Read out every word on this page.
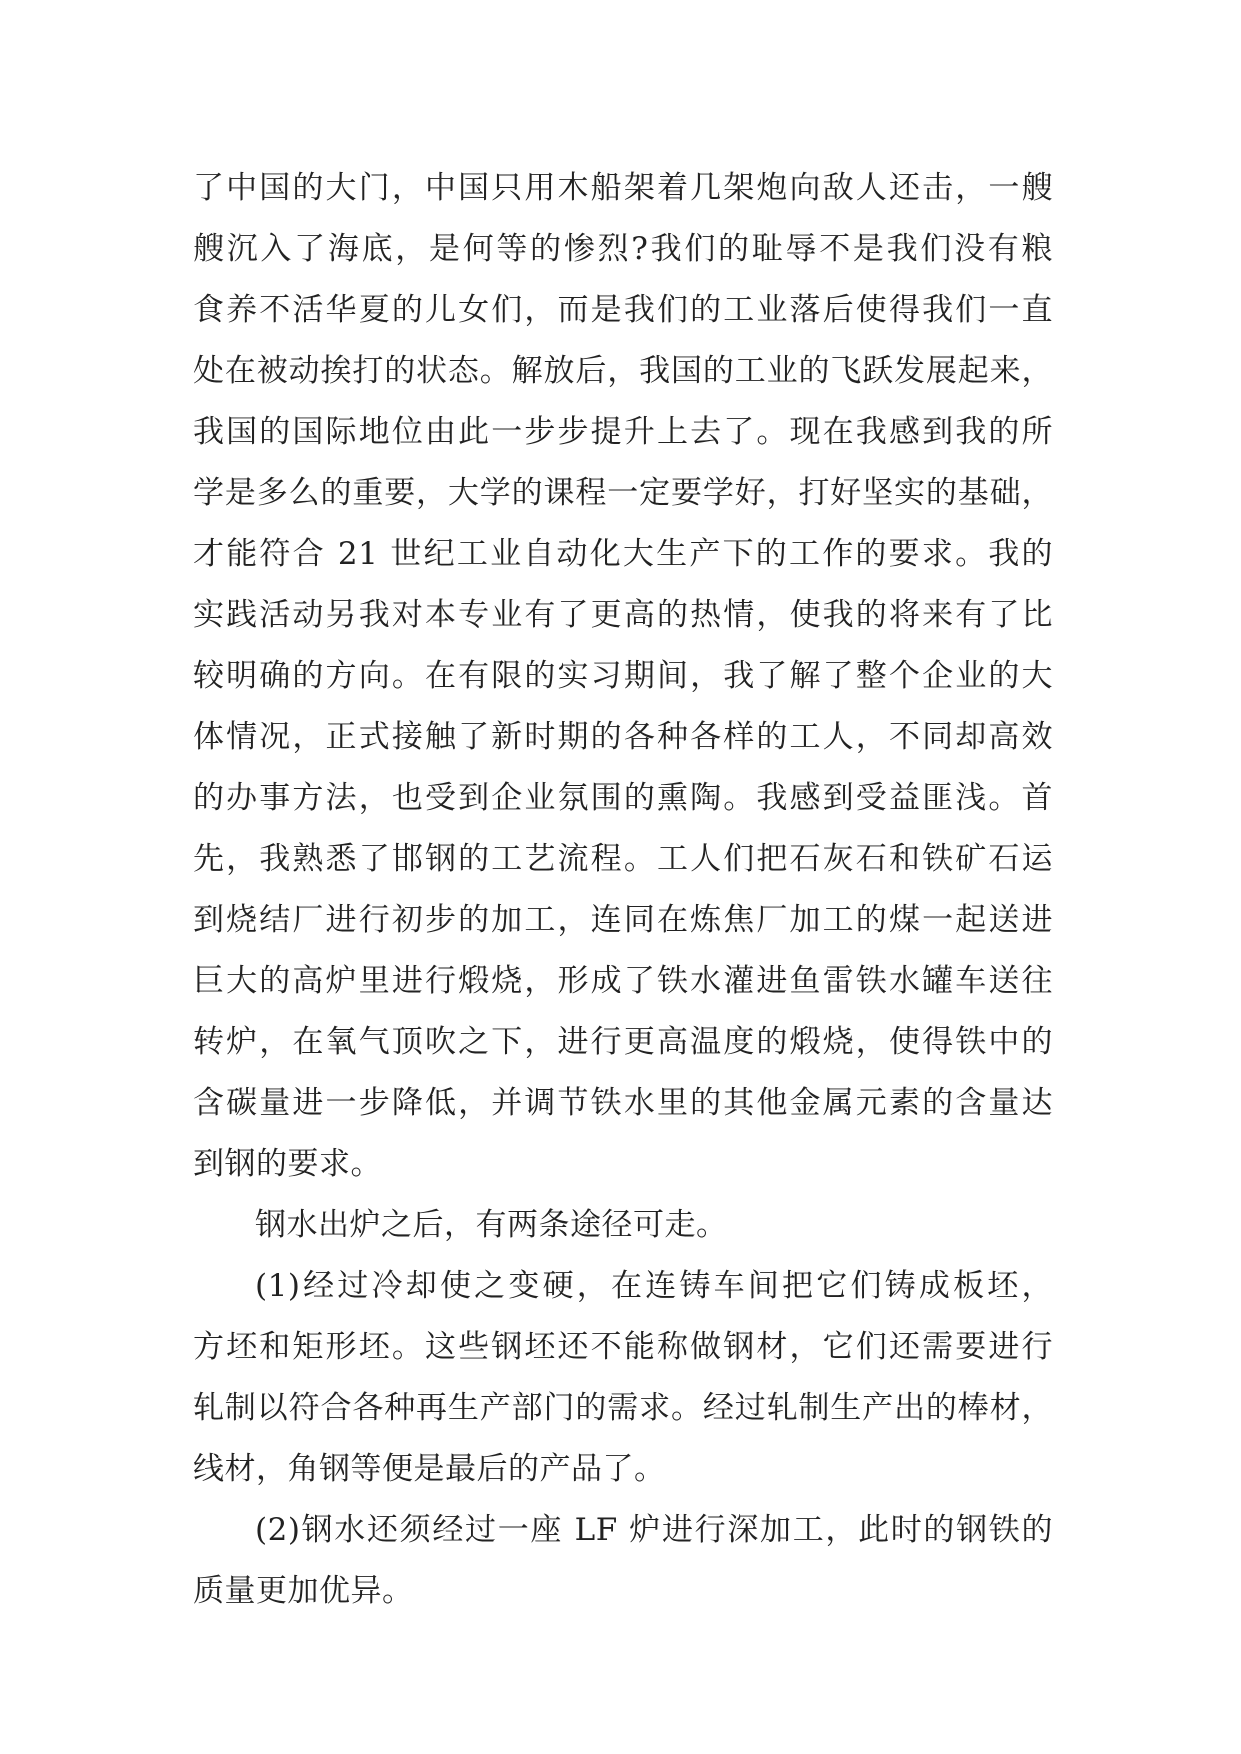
了中国的大门，中国只用木船架着几架炮向敌人还击，一艘
艘沉入了海底，是何等的惨烈?我们的耻辱不是我们没有粮
食养不活华夏的儿女们，而是我们的工业落后使得我们一直
处在被动挨打的状态。解放后，我国的工业的飞跃发展起来，
我国的国际地位由此一步步提升上去了。现在我感到我的所
学是多么的重要，大学的课程一定要学好，打好坚实的基础，
才能符合 21 世纪工业自动化大生产下的工作的要求。我的
实践活动另我对本专业有了更高的热情，使我的将来有了比
较明确的方向。在有限的实习期间，我了解了整个企业的大
体情况，正式接触了新时期的各种各样的工人，不同却高效
的办事方法，也受到企业氛围的熏陶。我感到受益匪浅。首
先，我熟悉了邯钢的工艺流程。工人们把石灰石和铁矿石运
到烧结厂进行初步的加工，连同在炼焦厂加工的煤一起送进
巨大的高炉里进行煅烧，形成了铁水灌进鱼雷铁水罐车送往
转炉，在氧气顶吹之下，进行更高温度的煅烧，使得铁中的
含碳量进一步降低，并调节铁水里的其他金属元素的含量达
到钢的要求。
钢水出炉之后，有两条途径可走。
(1)经过冷却使之变硬，在连铸车间把它们铸成板坯，
方坯和矩形坯。这些钢坯还不能称做钢材，它们还需要进行
轧制以符合各种再生产部门的需求。经过轧制生产出的棒材，
线材，角钢等便是最后的产品了。
(2)钢水还须经过一座 LF 炉进行深加工，此时的钢铁的
质量更加优异。
